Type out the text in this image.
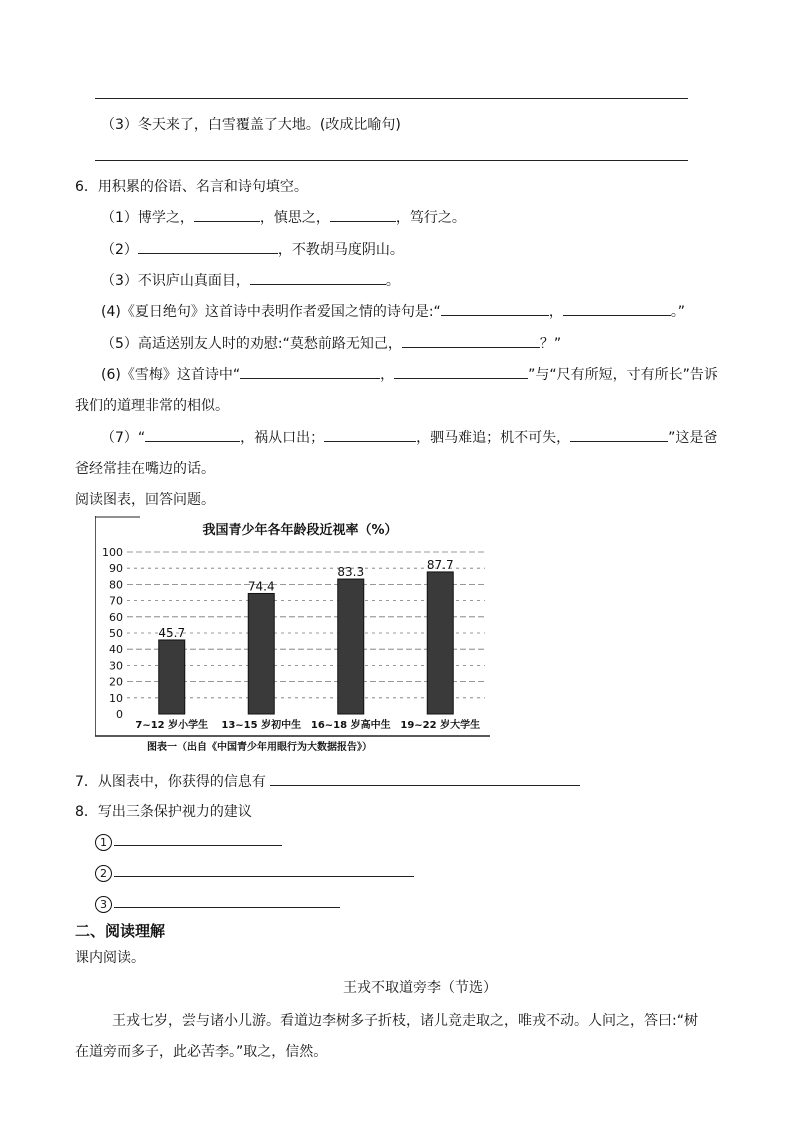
（3）冬天来了，白雪覆盖了大地。(改成比喻句)
6．用积累的俗语、名言和诗句填空。
（1）博学之，	，慎思之，	，笃行之。
（2）	，不教胡马度阴山。
（3）不识庐山真面目，	。
(4)《夏日绝句》这首诗中表明作者爱国之情的诗句是:“	，	。”
（5）高适送别友人时的劝慰:“莫愁前路无知己，	？”
(6)《雪梅》这首诗中“	，	”与“尺有所短，寸有所长”告诉
我们的道理非常的相似。
（7）“	，祸从口出；	，驷马难追；机不可失，	”这是爸
爸经常挂在嘴边的话。
阅读图表，回答问题。
我国青少年各年龄段近视率（%）
0
10
20
30
40
50
60
70
80
90
100
45.7
7~12 岁小学生
74.4
13~15 岁初中生
83.3
16~18 岁高中生
87.7
19~22 岁大学生
图表一（出自《中国青少年用眼行为大数据报告》）
7．从图表中，你获得的信息有
8．写出三条保护视力的建议
1
2
3
二、阅读理解
课内阅读。
王戎不取道旁李（节选）
王戎七岁，尝与诸小儿游。看道边李树多子折枝，诸儿竞走取之，唯戎不动。人问之，答曰:“树
在道旁而多子，此必苦李。”取之，信然。
